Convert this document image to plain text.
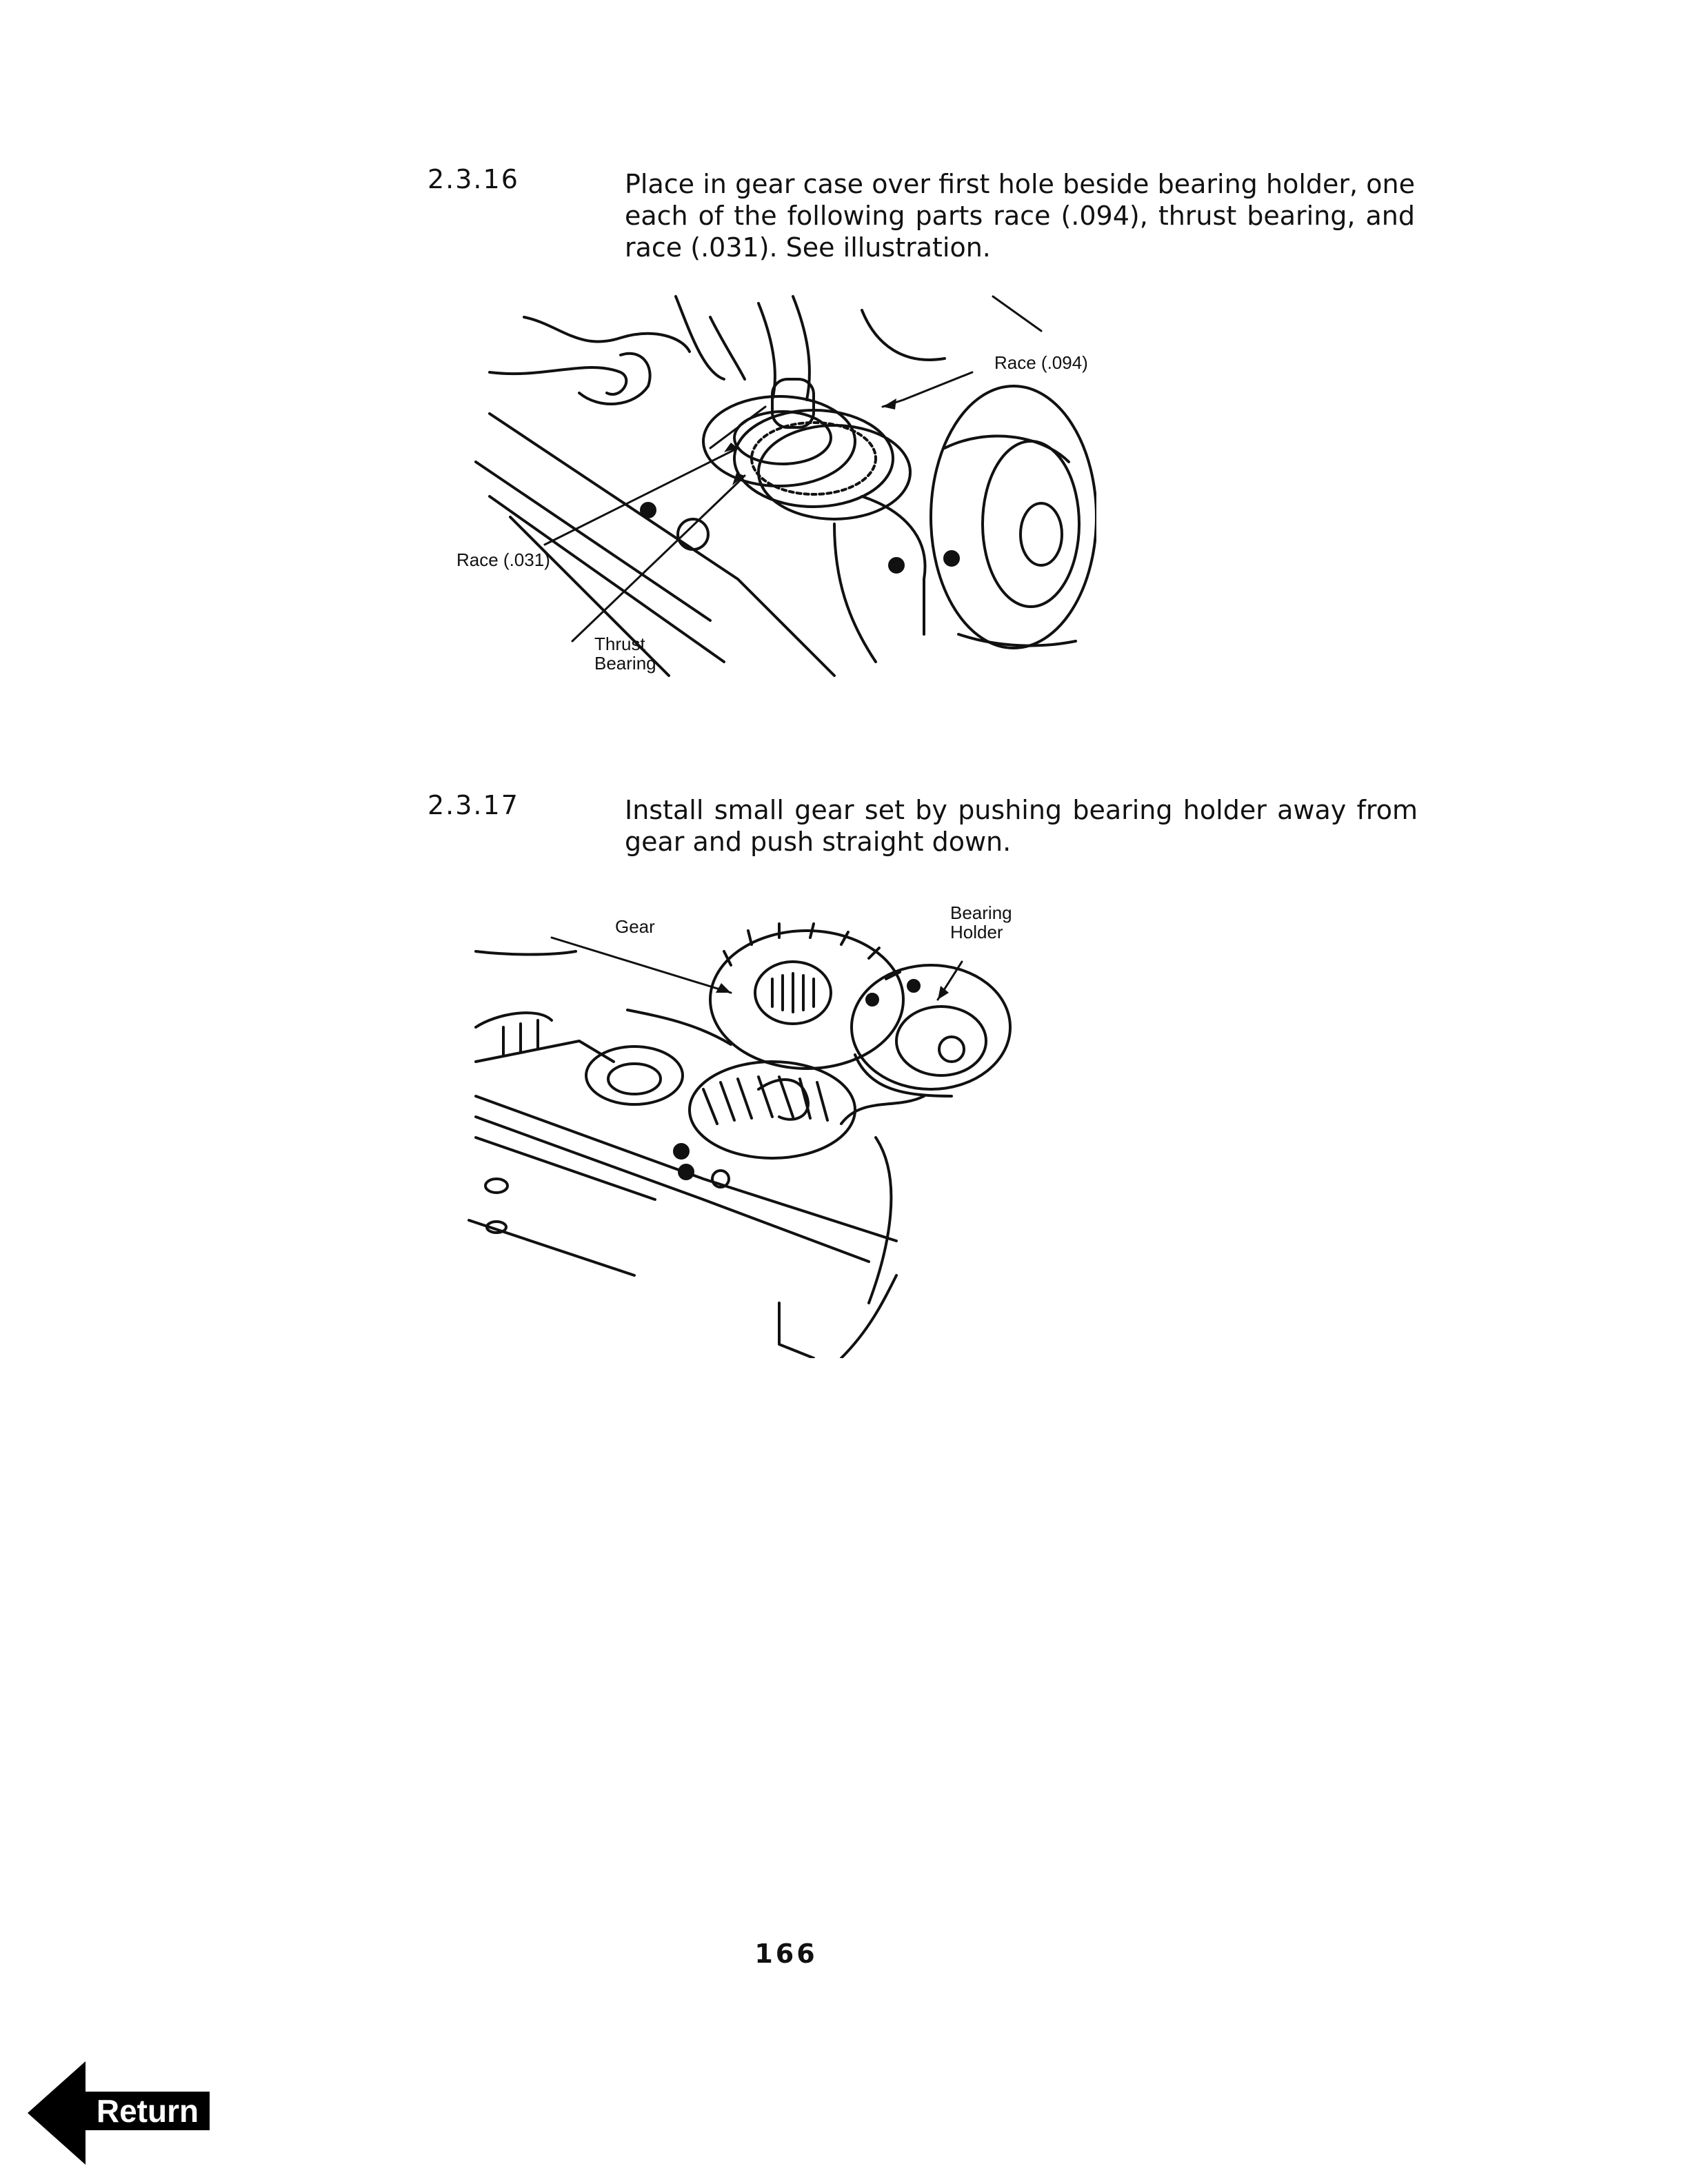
2.3.16	Place in gear case over first hole beside bearing holder, one each of the following parts race (.094), thrust bearing, and race (.031). See illustration.
Race (.094)
Race (.031)
Thrust
Bearing
2.3.17	Install small gear set by pushing bearing holder away from gear and push straight down.
Gear
Bearing
Holder
166
Return
